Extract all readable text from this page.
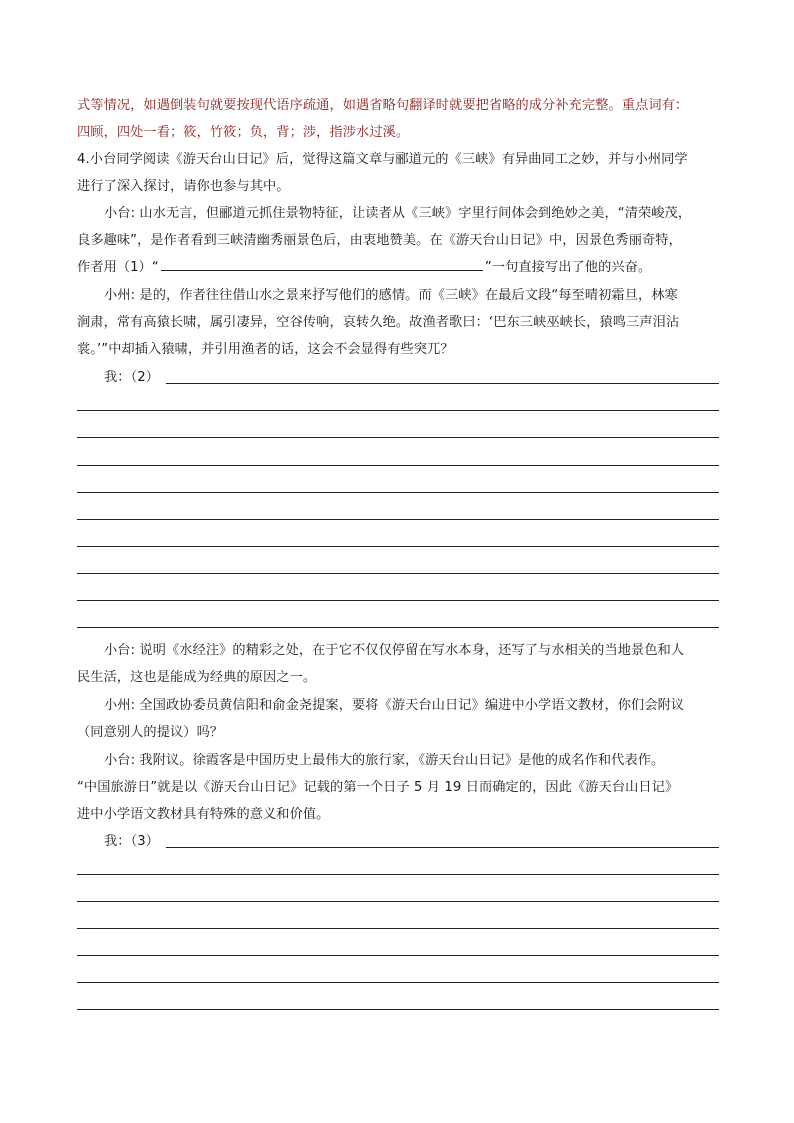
式等情况，如遇倒装句就要按现代语序疏通，如遇省略句翻译时就要把省略的成分补充完整。重点词有：
四顾，四处一看；筱，竹筱；负，背；涉，指涉水过溪。
4.小台同学阅读《游天台山日记》后，觉得这篇文章与郦道元的《三峡》有异曲同工之妙，并与小州同学
进行了深入探讨，请你也参与其中。
小台: 山水无言，但郦道元抓住景物特征，让读者从《三峡》字里行间体会到绝妙之美，“清荣峻茂，
良多趣味”，是作者看到三峡清幽秀丽景色后，由衷地赞美。在《游天台山日记》中，因景色秀丽奇特，
作者用（1）“	”一句直接写出了他的兴奋。
小州: 是的，作者往往借山水之景来抒写他们的感情。而《三峡》在最后文段“每至晴初霜旦，林寒
涧肃，常有高猿长啸，属引凄异，空谷传响，哀转久绝。故渔者歌曰：‘巴东三峡巫峡长，猿鸣三声泪沾
裳。’”中却插入猿啸，并引用渔者的话，这会不会显得有些突兀？
我：（2）
小台: 说明《水经注》的精彩之处，在于它不仅仅停留在写水本身，还写了与水相关的当地景色和人
民生活，这也是能成为经典的原因之一。
小州: 全国政协委员黄信阳和俞金尧提案，要将《游天台山日记》编进中小学语文教材，你们会附议
（同意别人的提议）吗？
小台: 我附议。徐霞客是中国历史上最伟大的旅行家，《游天台山日记》是他的成名作和代表作。
“中国旅游日”就是以《游天台山日记》记载的第一个日子 5 月 19 日而确定的，因此《游天台山日记》
进中小学语文教材具有特殊的意义和价值。
我：（3）
